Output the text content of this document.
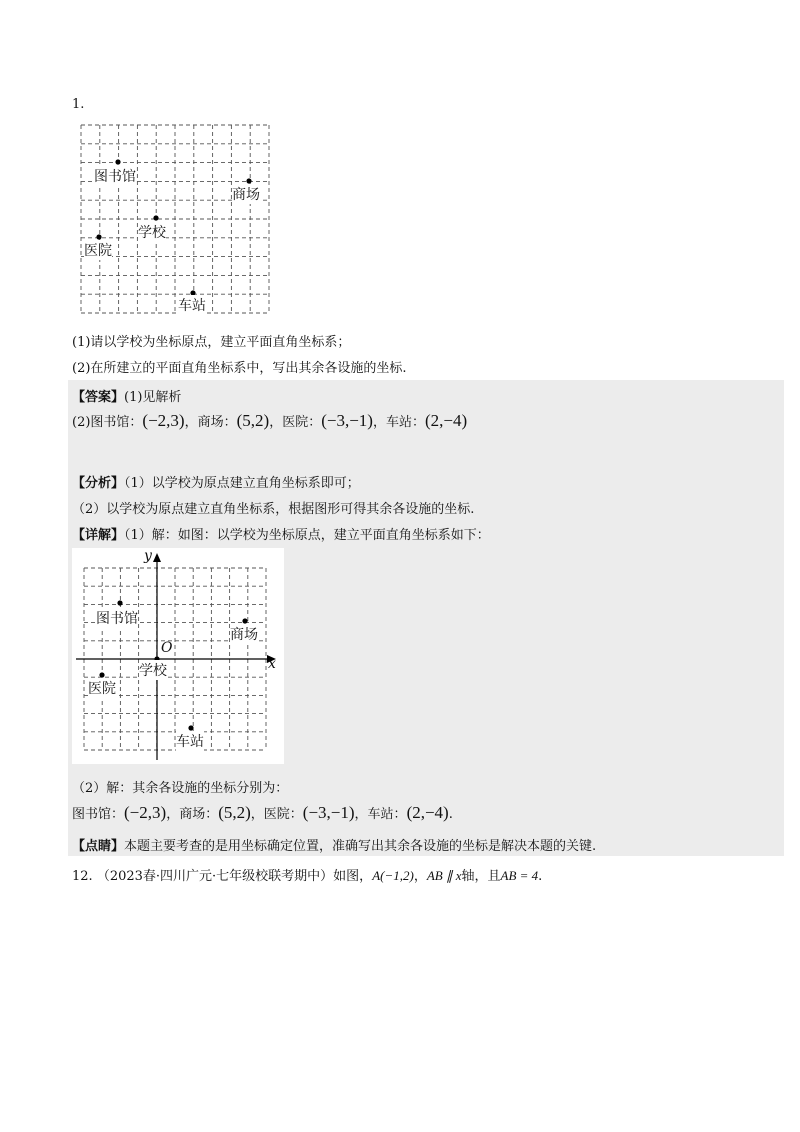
1.
图书馆
商场
学校
医院
车站
(1)请以学校为坐标原点，建立平面直角坐标系；
(2)在所建立的平面直角坐标系中，写出其余各设施的坐标.
【答案】(1)见解析
(2)图书馆：(−2,3)，商场：(5,2)，医院：(−3,−1)，车站：(2,−4)
【分析】（1）以学校为原点建立直角坐标系即可；
（2）以学校为原点建立直角坐标系，根据图形可得其余各设施的坐标.
【详解】（1）解：如图：以学校为坐标原点，建立平面直角坐标系如下：
y
x
O
图书馆
商场
学校
医院
车站
（2）解：其余各设施的坐标分别为：
图书馆：(−2,3)，商场：(5,2)，医院：(−3,−1)，车站：(2,−4).
【点睛】本题主要考查的是用坐标确定位置，准确写出其余各设施的坐标是解决本题的关键.
12. （2023春·四川广元·七年级校联考期中）如图，A(−1,2)，AB ∥ x轴，且AB = 4.
